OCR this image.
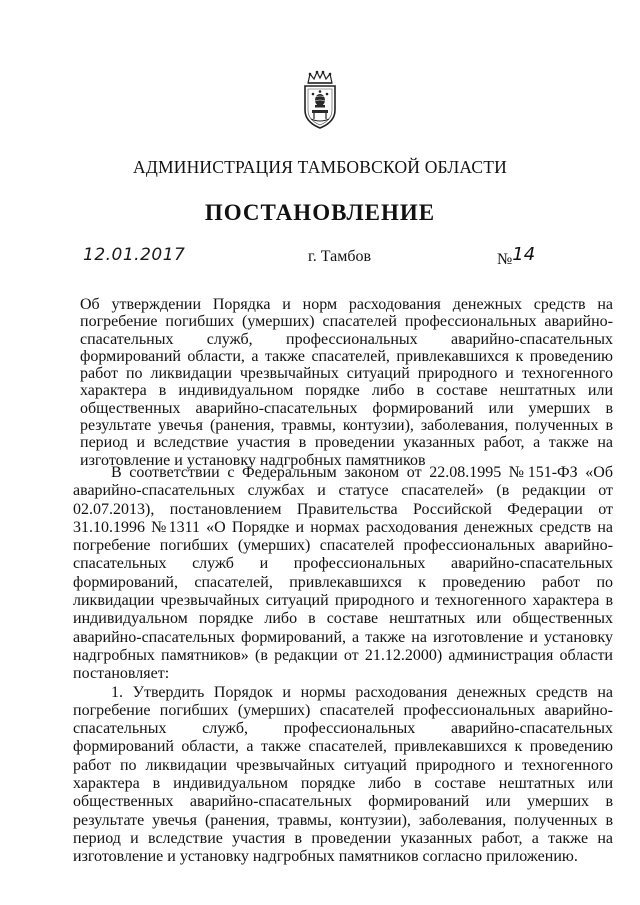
АДМИНИСТРАЦИЯ ТАМБОВСКОЙ ОБЛАСТИ
ПОСТАНОВЛЕНИЕ
12.01.2017	г. Тамбов	№14
Об утверждении Порядка и норм расходования денежных средств на погребение погибших (умерших) спасателей профессиональных аварийно-спасательных служб, профессиональных аварийно-спасательных формирований области, а также спасателей, привлекавшихся к проведению работ по ликвидации чрезвычайных ситуаций природного и техногенного характера в индивидуальном порядке либо в составе нештатных или общественных аварийно-спасательных формирований или умерших в результате увечья (ранения, травмы, контузии), заболевания, полученных в период и вследствие участия в проведении указанных работ, а также на изготовление и установку надгробных памятников

В соответствии с Федеральным законом от 22.08.1995 №151-ФЗ «Об аварийно-спасательных службах и статусе спасателей» (в редакции от 02.07.2013), постановлением Правительства Российской Федерации от 31.10.1996 №1311 «О Порядке и нормах расходования денежных средств на погребение погибших (умерших) спасателей профессиональных аварийно-спасательных служб и профессиональных аварийно-спасательных формирований, спасателей, привлекавшихся к проведению работ по ликвидации чрезвычайных ситуаций природного и техногенного характера в индивидуальном порядке либо в составе нештатных или общественных аварийно-спасательных формирований, а также на изготовление и установку надгробных памятников» (в редакции от 21.12.2000) администрация области постановляет:

1. Утвердить Порядок и нормы расходования денежных средств на погребение погибших (умерших) спасателей профессиональных аварийно-спасательных служб, профессиональных аварийно-спасательных формирований области, а также спасателей, привлекавшихся к проведению работ по ликвидации чрезвычайных ситуаций природного и техногенного характера в индивидуальном порядке либо в составе нештатных или общественных аварийно-спасательных формирований или умерших в результате увечья (ранения, травмы, контузии), заболевания, полученных в период и вследствие участия в проведении указанных работ, а также на изготовление и установку надгробных памятников согласно приложению.
